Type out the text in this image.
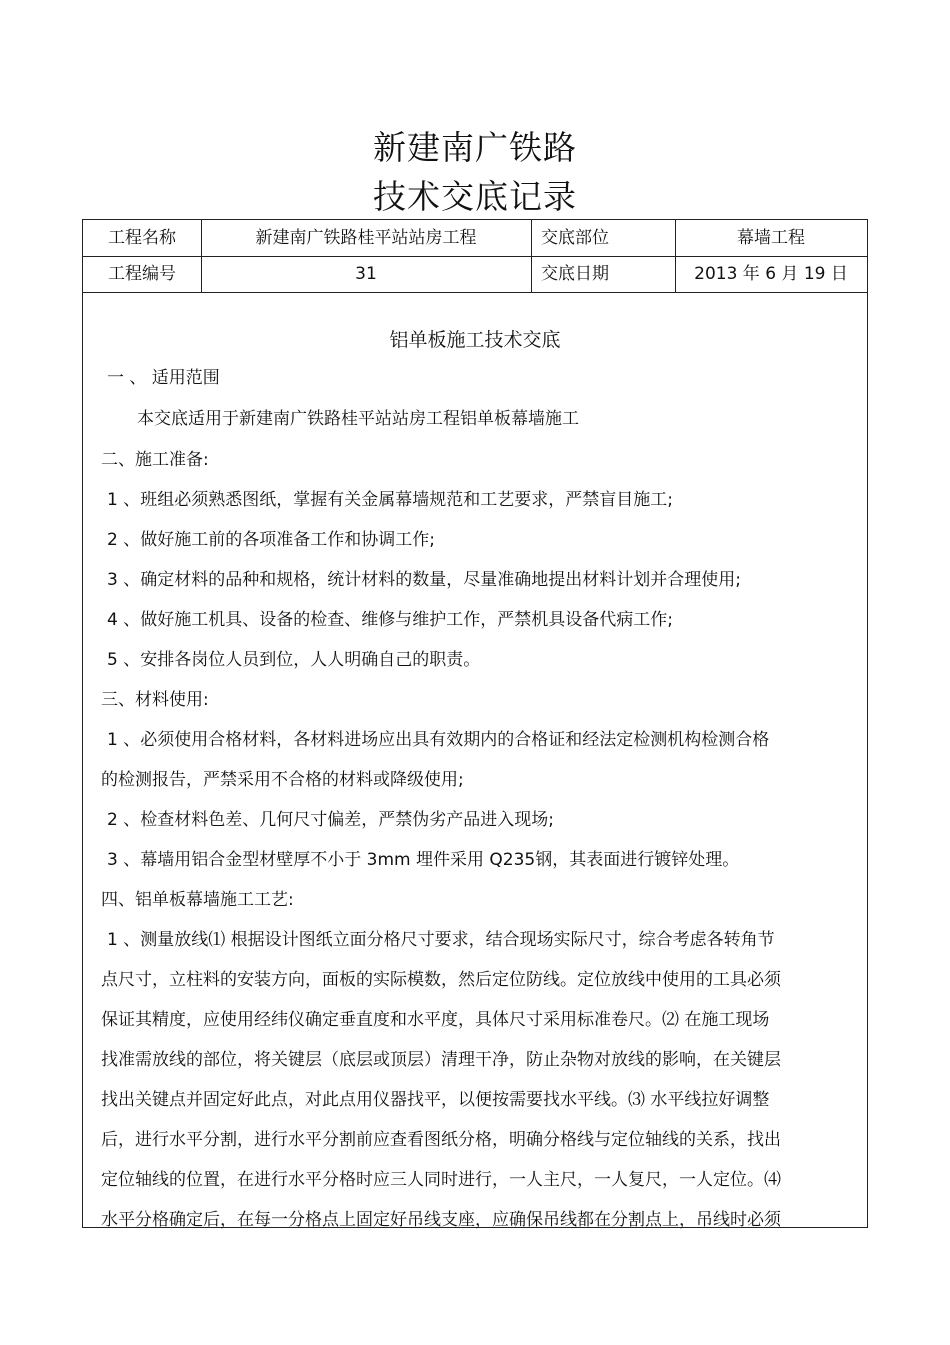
新建南广铁路
技术交底记录
工程名称	新建南广铁路桂平站站房工程	交底部位	幕墙工程
工程编号	31	交底日期	2013 年 6 月 19 日
铝单板施工技术交底
一 、 适用范围
本交底适用于新建南广铁路桂平站站房工程铝单板幕墙施工
二、施工准备:
1 、班组必须熟悉图纸，掌握有关金属幕墙规范和工艺要求，严禁盲目施工;
2 、做好施工前的各项准备工作和协调工作;
3 、确定材料的品种和规格，统计材料的数量，尽量准确地提出材料计划并合理使用;
4 、做好施工机具、设备的检查、维修与维护工作，严禁机具设备代病工作;
5 、安排各岗位人员到位，人人明确自己的职责。
三、材料使用:
1 、必须使用合格材料，各材料进场应出具有效期内的合格证和经法定检测机构检测合格
的检测报告，严禁采用不合格的材料或降级使用;
2 、检查材料色差、几何尺寸偏差，严禁伪劣产品进入现场;
3 、幕墙用铝合金型材壁厚不小于 3mm 埋件采用 Q235钢，其表面进行镀锌处理。
四、铝单板幕墙施工工艺:
1 、测量放线⑴ 根据设计图纸立面分格尺寸要求，结合现场实际尺寸，综合考虑各转角节
点尺寸，立柱料的安装方向，面板的实际模数，然后定位防线。定位放线中使用的工具必须
保证其精度，应使用经纬仪确定垂直度和水平度，具体尺寸采用标准卷尺。⑵ 在施工现场
找准需放线的部位，将关键层（底层或顶层）清理干净，防止杂物对放线的影响，在关键层
找出关键点并固定好此点，对此点用仪器找平，以便按需要找水平线。⑶ 水平线拉好调整
后，进行水平分割，进行水平分割前应查看图纸分格，明确分格线与定位轴线的关系，找出
定位轴线的位置，在进行水平分格时应三人同时进行，一人主尺，一人复尺，一人定位。⑷
水平分格确定后，在每一分格点上固定好吊线支座，应确保吊线都在分割点上，吊线时必须
